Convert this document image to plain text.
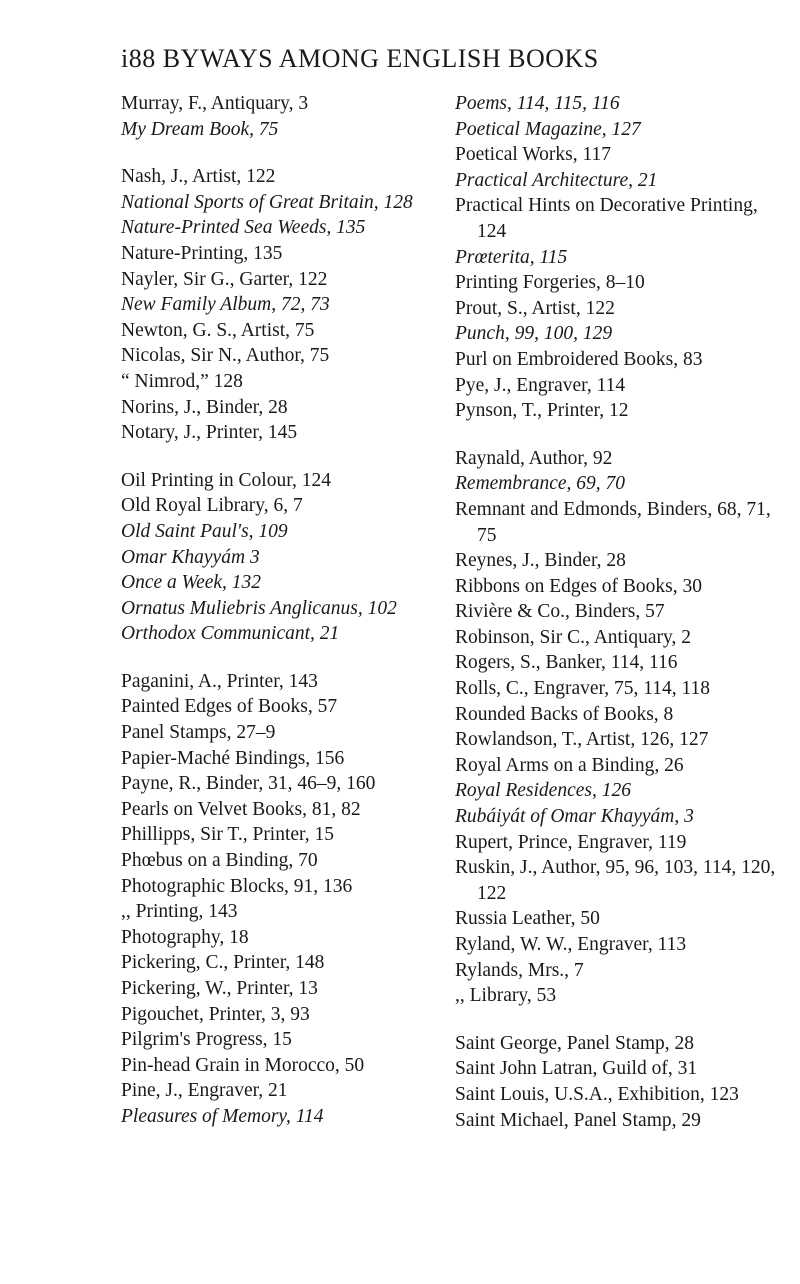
i88 BYWAYS AMONG ENGLISH BOOKS
Murray, F., Antiquary, 3
My Dream Book, 75
Nash, J., Artist, 122
National Sports of Great Britain, 128
Nature-Printed Sea Weeds, 135
Nature-Printing, 135
Nayler, Sir G., Garter, 122
New Family Album, 72, 73
Newton, G. S., Artist, 75
Nicolas, Sir N., Author, 75
“ Nimrod,” 128
Norins, J., Binder, 28
Notary, J., Printer, 145
Oil Printing in Colour, 124
Old Royal Library, 6, 7
Old Saint Paul's, 109
Omar Khayyám 3
Once a Week, 132
Ornatus Muliebris Anglicanus, 102
Orthodox Communicant, 21
Paganini, A., Printer, 143
Painted Edges of Books, 57
Panel Stamps, 27–9
Papier-Maché Bindings, 156
Payne, R., Binder, 31, 46–9, 160
Pearls on Velvet Books, 81, 82
Phillipps, Sir T., Printer, 15
Phœbus on a Binding, 70
Photographic Blocks, 91, 136
,, Printing, 143
Photography, 18
Pickering, C., Printer, 148
Pickering, W., Printer, 13
Pigouchet, Printer, 3, 93
Pilgrim's Progress, 15
Pin-head Grain in Morocco, 50
Pine, J., Engraver, 21
Pleasures of Memory, 114
Poems, 114, 115, 116
Poetical Magazine, 127
Poetical Works, 117
Practical Architecture, 21
Practical Hints on Decorative Printing, 124
Prœterita, 115
Printing Forgeries, 8–10
Prout, S., Artist, 122
Punch, 99, 100, 129
Purl on Embroidered Books, 83
Pye, J., Engraver, 114
Pynson, T., Printer, 12
Raynald, Author, 92
Remembrance, 69, 70
Remnant and Edmonds, Binders, 68, 71, 75
Reynes, J., Binder, 28
Ribbons on Edges of Books, 30
Rivière & Co., Binders, 57
Robinson, Sir C., Antiquary, 2
Rogers, S., Banker, 114, 116
Rolls, C., Engraver, 75, 114, 118
Rounded Backs of Books, 8
Rowlandson, T., Artist, 126, 127
Royal Arms on a Binding, 26
Royal Residences, 126
Rubáiyát of Omar Khayyám, 3
Rupert, Prince, Engraver, 119
Ruskin, J., Author, 95, 96, 103, 114, 120, 122
Russia Leather, 50
Ryland, W. W., Engraver, 113
Rylands, Mrs., 7
,, Library, 53
Saint George, Panel Stamp, 28
Saint John Latran, Guild of, 31
Saint Louis, U.S.A., Exhibition, 123
Saint Michael, Panel Stamp, 29
